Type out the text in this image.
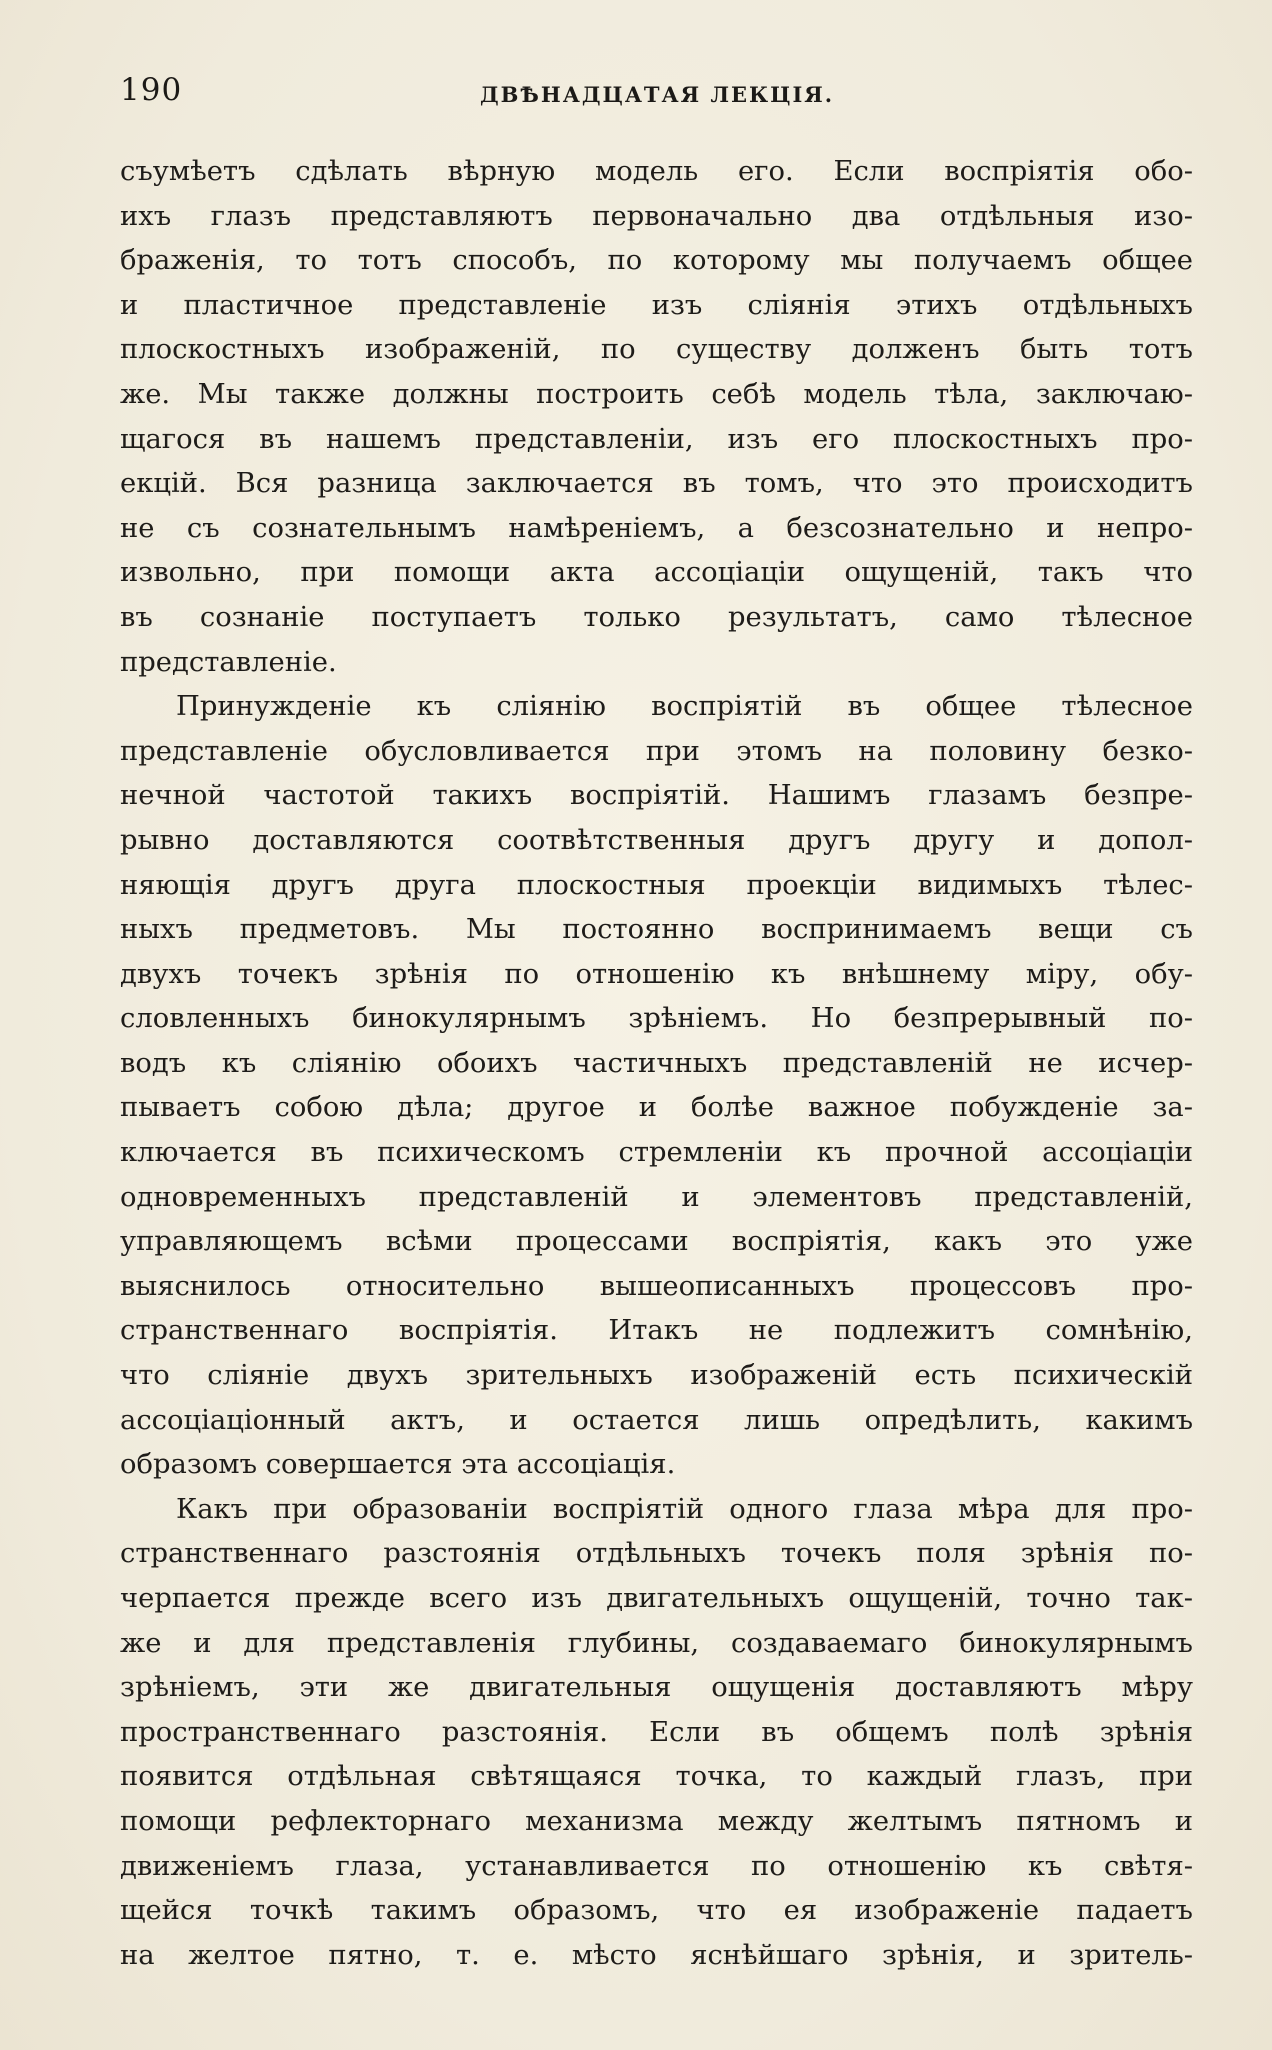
190	ДВѢНАДЦАТАЯ ЛЕКЦІЯ.
съумѣетъ сдѣлать вѣрную модель его. Если воспріятія обо-
ихъ глазъ представляютъ первоначально два отдѣльныя изо-
браженія, то тотъ способъ, по которому мы получаемъ общее
и пластичное представленіе изъ сліянія этихъ отдѣльныхъ
плоскостныхъ изображеній, по существу долженъ быть тотъ
же. Мы также должны построить себѣ модель тѣла, заключаю-
щагося въ нашемъ представленіи, изъ его плоскостныхъ про-
екцій. Вся разница заключается въ томъ, что это происходитъ
не съ сознательнымъ намѣреніемъ, а безсознательно и непро-
извольно, при помощи акта ассоціаціи ощущеній, такъ что
въ сознаніе поступаетъ только результатъ, само тѣлесное
представленіе.
Принужденіе къ сліянію воспріятій въ общее тѣлесное
представленіе обусловливается при этомъ на половину безко-
нечной частотой такихъ воспріятій. Нашимъ глазамъ безпре-
рывно доставляются соотвѣтственныя другъ другу и допол-
няющія другъ друга плоскостныя проекціи видимыхъ тѣлес-
ныхъ предметовъ. Мы постоянно воспринимаемъ вещи съ
двухъ точекъ зрѣнія по отношенію къ внѣшнему міру, обу-
словленныхъ бинокулярнымъ зрѣніемъ. Но безпрерывный по-
водъ къ сліянію обоихъ частичныхъ представленій не исчер-
пываетъ собою дѣла; другое и болѣе важное побужденіе за-
ключается въ психическомъ стремленіи къ прочной ассоціаціи
одновременныхъ представленій и элементовъ представленій,
управляющемъ всѣми процессами воспріятія, какъ это уже
выяснилось относительно вышеописанныхъ процессовъ про-
странственнаго воспріятія. Итакъ не подлежитъ сомнѣнію,
что сліяніе двухъ зрительныхъ изображеній есть психическій
ассоціаціонный актъ, и остается лишь опредѣлить, какимъ
образомъ совершается эта ассоціація.
Какъ при образованіи воспріятій одного глаза мѣра для про-
странственнаго разстоянія отдѣльныхъ точекъ поля зрѣнія по-
черпается прежде всего изъ двигательныхъ ощущеній, точно так-
же и для представленія глубины, создаваемаго бинокулярнымъ
зрѣніемъ, эти же двигательныя ощущенія доставляютъ мѣру
пространственнаго разстоянія. Если въ общемъ полѣ зрѣнія
появится отдѣльная свѣтящаяся точка, то каждый глазъ, при
помощи рефлекторнаго механизма между желтымъ пятномъ и
движеніемъ глаза, устанавливается по отношенію къ свѣтя-
щейся точкѣ такимъ образомъ, что ея изображеніе падаетъ
на желтое пятно, т. е. мѣсто яснѣйшаго зрѣнія, и зритель-
